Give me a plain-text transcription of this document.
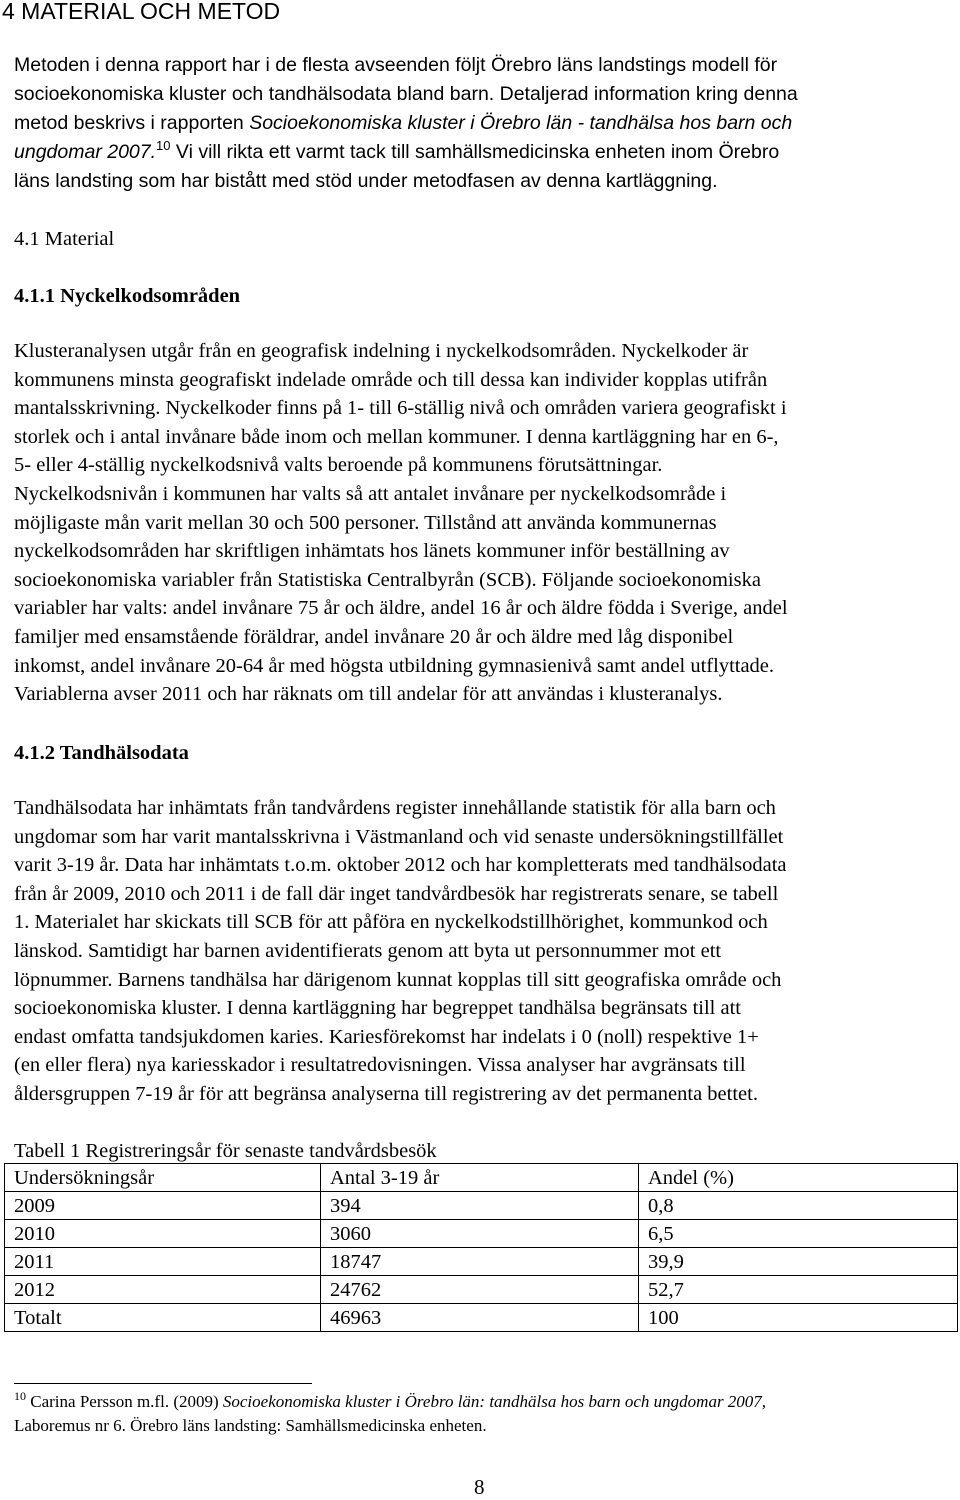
4 MATERIAL OCH METOD
Metoden i denna rapport har i de flesta avseenden följt Örebro läns landstings modell för
socioekonomiska kluster och tandhälsodata bland barn. Detaljerad information kring denna
metod beskrivs i rapporten Socioekonomiska kluster i Örebro län - tandhälsa hos barn och
ungdomar 2007.10 Vi vill rikta ett varmt tack till samhällsmedicinska enheten inom Örebro
läns landsting som har bistått med stöd under metodfasen av denna kartläggning.
4.1 Material
4.1.1 Nyckelkodsområden
Klusteranalysen utgår från en geografisk indelning i nyckelkodsområden. Nyckelkoder är
kommunens minsta geografiskt indelade område och till dessa kan individer kopplas utifrån
mantalsskrivning. Nyckelkoder finns på 1- till 6-ställig nivå och områden variera geografiskt i
storlek och i antal invånare både inom och mellan kommuner. I denna kartläggning har en 6-,
5- eller 4-ställig nyckelkodsnivå valts beroende på kommunens förutsättningar.
Nyckelkodsnivån i kommunen har valts så att antalet invånare per nyckelkodsområde i
möjligaste mån varit mellan 30 och 500 personer. Tillstånd att använda kommunernas
nyckelkodsområden har skriftligen inhämtats hos länets kommuner inför beställning av
socioekonomiska variabler från Statistiska Centralbyrån (SCB). Följande socioekonomiska
variabler har valts: andel invånare 75 år och äldre, andel 16 år och äldre födda i Sverige, andel
familjer med ensamstående föräldrar, andel invånare 20 år och äldre med låg disponibel
inkomst, andel invånare 20-64 år med högsta utbildning gymnasienivå samt andel utflyttade.
Variablerna avser 2011 och har räknats om till andelar för att användas i klusteranalys.
4.1.2 Tandhälsodata
Tandhälsodata har inhämtats från tandvårdens register innehållande statistik för alla barn och
ungdomar som har varit mantalsskrivna i Västmanland och vid senaste undersökningstillfället
varit 3-19 år. Data har inhämtats t.o.m. oktober 2012 och har kompletterats med tandhälsodata
från år 2009, 2010 och 2011 i de fall där inget tandvårdbesök har registrerats senare, se tabell
1. Materialet har skickats till SCB för att påföra en nyckelkodstillhörighet, kommunkod och
länskod. Samtidigt har barnen avidentifierats genom att byta ut personnummer mot ett
löpnummer. Barnens tandhälsa har därigenom kunnat kopplas till sitt geografiska område och
socioekonomiska kluster. I denna kartläggning har begreppet tandhälsa begränsats till att
endast omfatta tandsjukdomen karies. Kariesförekomst har indelats i 0 (noll) respektive 1+
(en eller flera) nya kariesskador i resultatredovisningen. Vissa analyser har avgränsats till
åldersgruppen 7-19 år för att begränsa analyserna till registrering av det permanenta bettet.

Tabell 1 Registreringsår för senaste tandvårdsbesök

Undersökningsår	Antal 3-19 år	Andel (%)
2009	394	0,8
2010	3060	6,5
2011	18747	39,9
2012	24762	52,7
Totalt	46963	100
$^{10}$ Carina Persson m.fl. (2009) Socioekonomiska kluster i Örebro län: tandhälsa hos barn och ungdomar 2007,
Laboremus nr 6. Örebro läns landsting: Samhällsmedicinska enheten.

8
